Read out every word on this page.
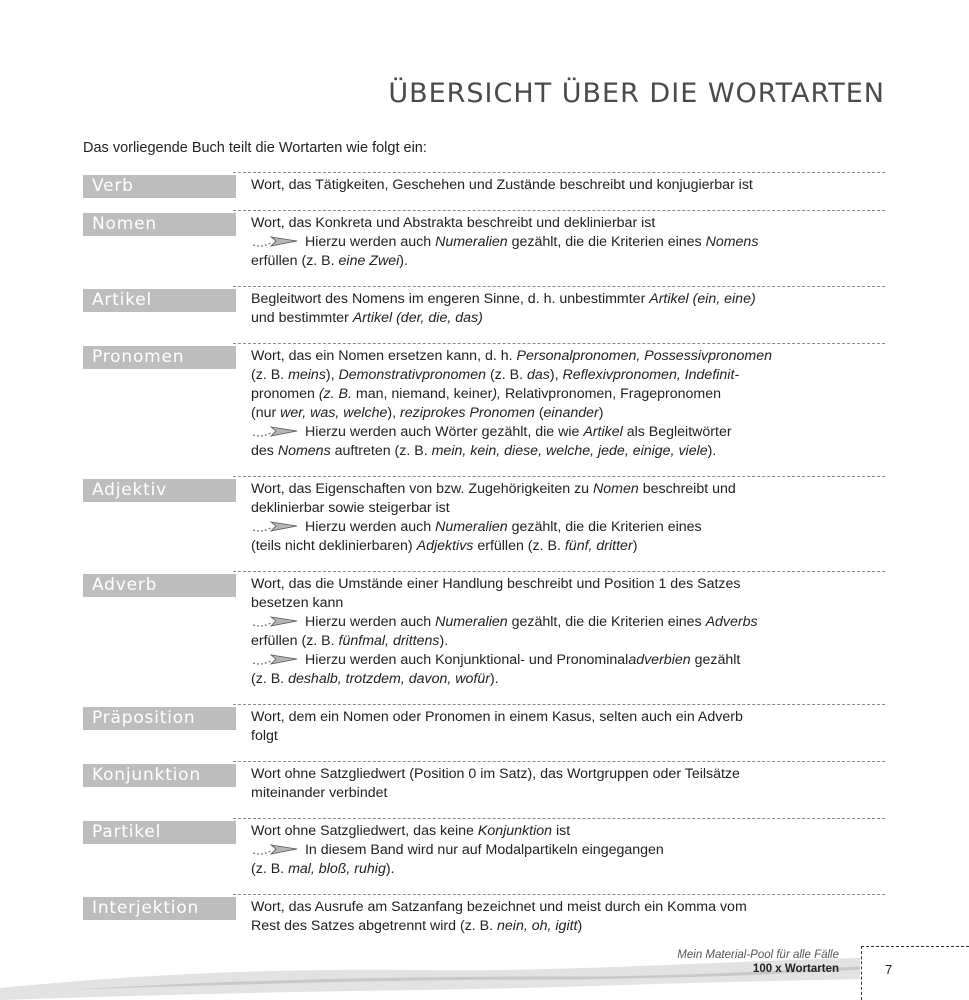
ÜBERSICHT ÜBER DIE WORTARTEN

Das vorliegende Buch teilt die Wortarten wie folgt ein:

Verb	Wort, das Tätigkeiten, Geschehen und Zustände beschreibt und konjugierbar ist

Nomen	Wort, das Konkreta und Abstrakta beschreibt und deklinierbar ist

Hierzu werden auch Numeralien gezählt, die die Kriterien eines Nomens

erfüllen (z. B. eine Zwei).

Artikel	Begleitwort des Nomens im engeren Sinne, d. h. unbestimmter Artikel (ein, eine)

und bestimmter Artikel (der, die, das)

Pronomen	Wort, das ein Nomen ersetzen kann, d. h. Personalpronomen, Possessivpronomen

(z. B. meins), Demonstrativpronomen (z. B. das), Reflexivpronomen, Indefinit-

pronomen (z. B. man, niemand, keiner), Relativpronomen, Fragepronomen

(nur wer, was, welche), reziprokes Pronomen (einander)

Hierzu werden auch Wörter gezählt, die wie Artikel als Begleitwörter

des Nomens auftreten (z. B. mein, kein, diese, welche, jede, einige, viele).

Adjektiv	Wort, das Eigenschaften von bzw. Zugehörigkeiten zu Nomen beschreibt und

deklinierbar sowie steigerbar ist

Hierzu werden auch Numeralien gezählt, die die Kriterien eines

(teils nicht deklinierbaren) Adjektivs erfüllen (z. B. fünf, dritter)

Adverb	Wort, das die Umstände einer Handlung beschreibt und Position 1 des Satzes

besetzen kann

Hierzu werden auch Numeralien gezählt, die die Kriterien eines Adverbs

erfüllen (z. B. fünfmal, drittens).

Hierzu werden auch Konjunktional- und Pronominaladverbien gezählt

(z. B. deshalb, trotzdem, davon, wofür).

Präposition	Wort, dem ein Nomen oder Pronomen in einem Kasus, selten auch ein Adverb

folgt

Konjunktion	Wort ohne Satzgliedwert (Position 0 im Satz), das Wortgruppen oder Teilsätze

miteinander verbindet

Partikel	Wort ohne Satzgliedwert, das keine Konjunktion ist

In diesem Band wird nur auf Modalpartikeln eingegangen

(z. B. mal, bloß, ruhig).

Interjektion	Wort, das Ausrufe am Satzanfang bezeichnet und meist durch ein Komma vom

Rest des Satzes abgetrennt wird (z. B. nein, oh, igitt)

Mein Material-Pool für alle Fälle
100 x Wortarten	7
